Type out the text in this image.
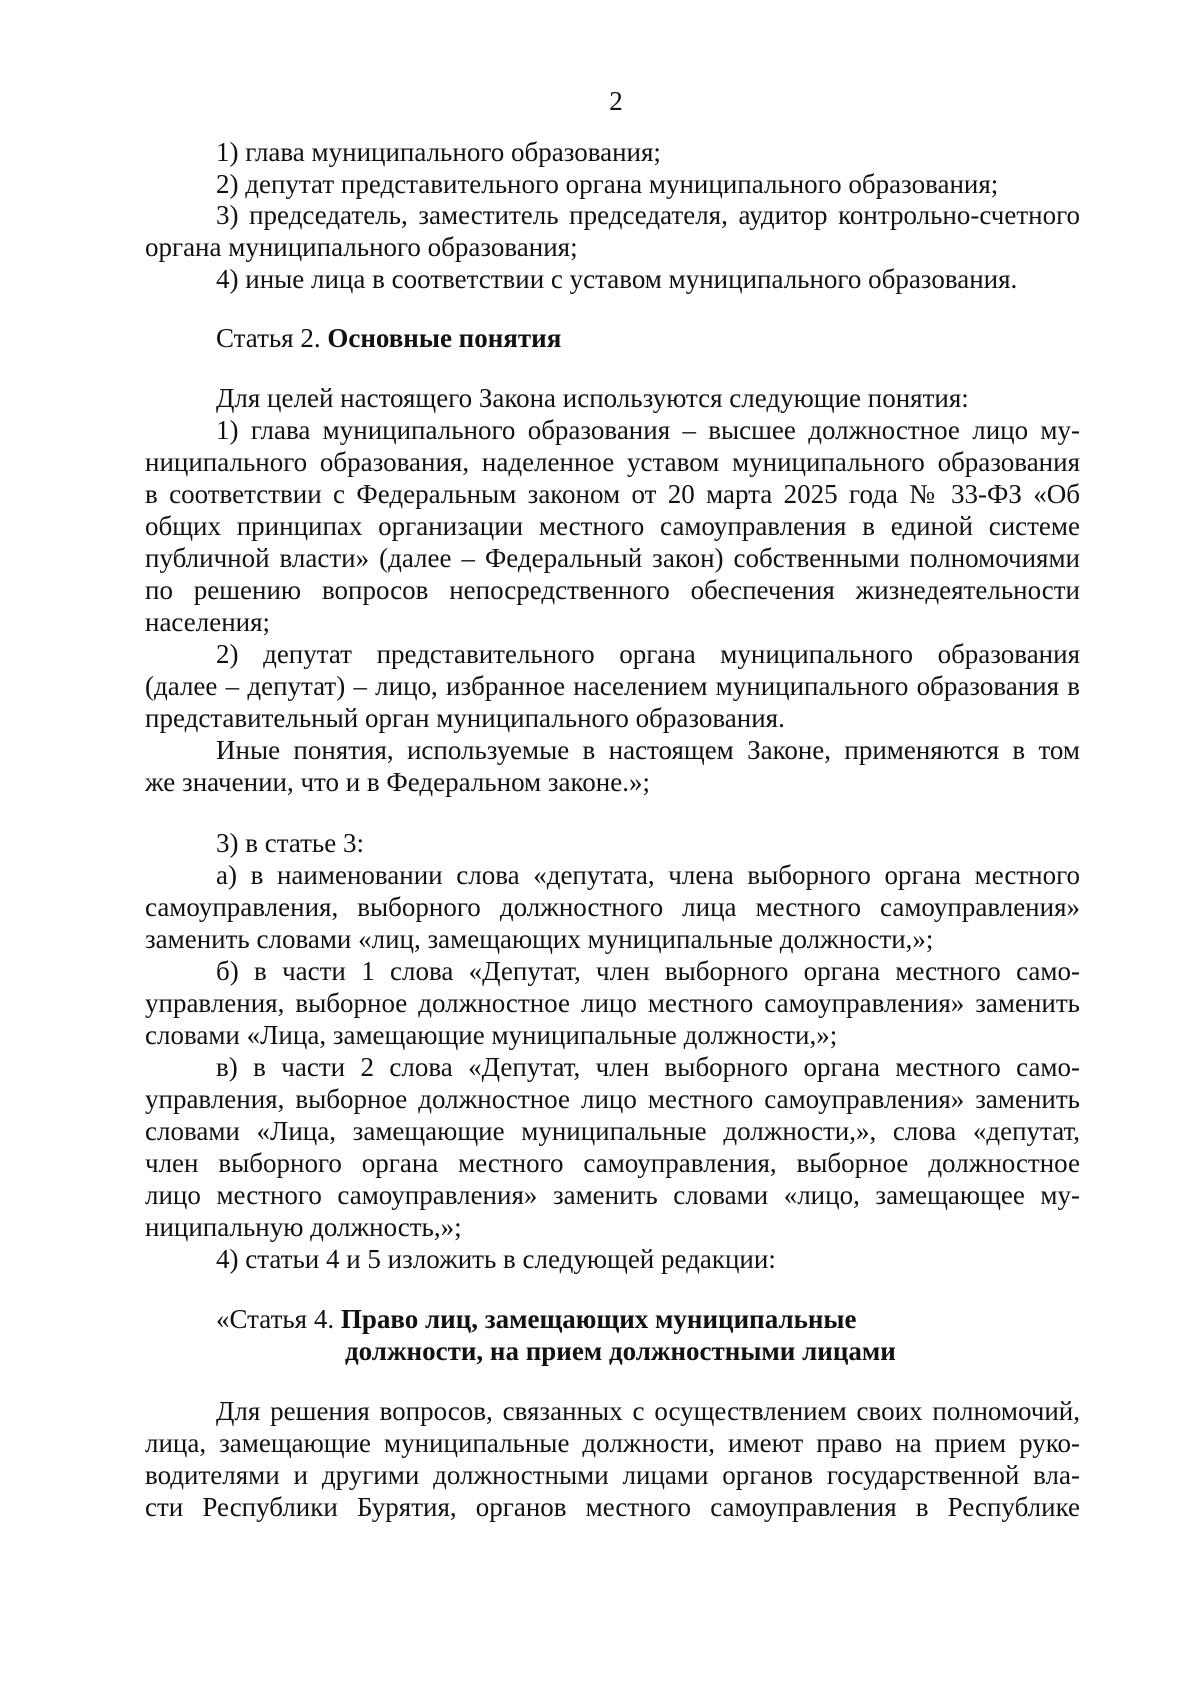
2
1) глава муниципального образования;
2) депутат представительного органа муниципального образования;
3) председатель, заместитель председателя, аудитор контрольно-счетного
органа муниципального образования;
4) иные лица в соответствии с уставом муниципального образования.
Статья 2. Основные понятия
Для целей настоящего Закона используются следующие понятия:
1) глава муниципального образования – высшее должностное лицо му-
ниципального образования, наделенное уставом муниципального образования
в соответствии с Федеральным законом от 20 марта 2025 года № 33-ФЗ «Об
общих принципах организации местного самоуправления в единой системе
публичной власти» (далее – Федеральный закон) собственными полномочиями
по решению вопросов непосредственного обеспечения жизнедеятельности
населения;
2) депутат представительного органа муниципального образования
(далее – депутат) – лицо, избранное населением муниципального образования в
представительный орган муниципального образования.
Иные понятия, используемые в настоящем Законе, применяются в том
же значении, что и в Федеральном законе.»;
3) в статье 3:
а) в наименовании слова «депутата, члена выборного органа местного
самоуправления, выборного должностного лица местного самоуправления»
заменить словами «лиц, замещающих муниципальные должности,»;
б) в части 1 слова «Депутат, член выборного органа местного само-
управления, выборное должностное лицо местного самоуправления» заменить
словами «Лица, замещающие муниципальные должности,»;
в) в части 2 слова «Депутат, член выборного органа местного само-
управления, выборное должностное лицо местного самоуправления» заменить
словами «Лица, замещающие муниципальные должности,», слова «депутат,
член выборного органа местного самоуправления, выборное должностное
лицо местного самоуправления» заменить словами «лицо, замещающее му-
ниципальную должность,»;
4) статьи 4 и 5 изложить в следующей редакции:
«Статья 4. Право лиц, замещающих муниципальные
должности, на прием должностными лицами
Для решения вопросов, связанных с осуществлением своих полномочий,
лица, замещающие муниципальные должности, имеют право на прием руко-
водителями и другими должностными лицами органов государственной вла-
сти Республики Бурятия, органов местного самоуправления в Республике
